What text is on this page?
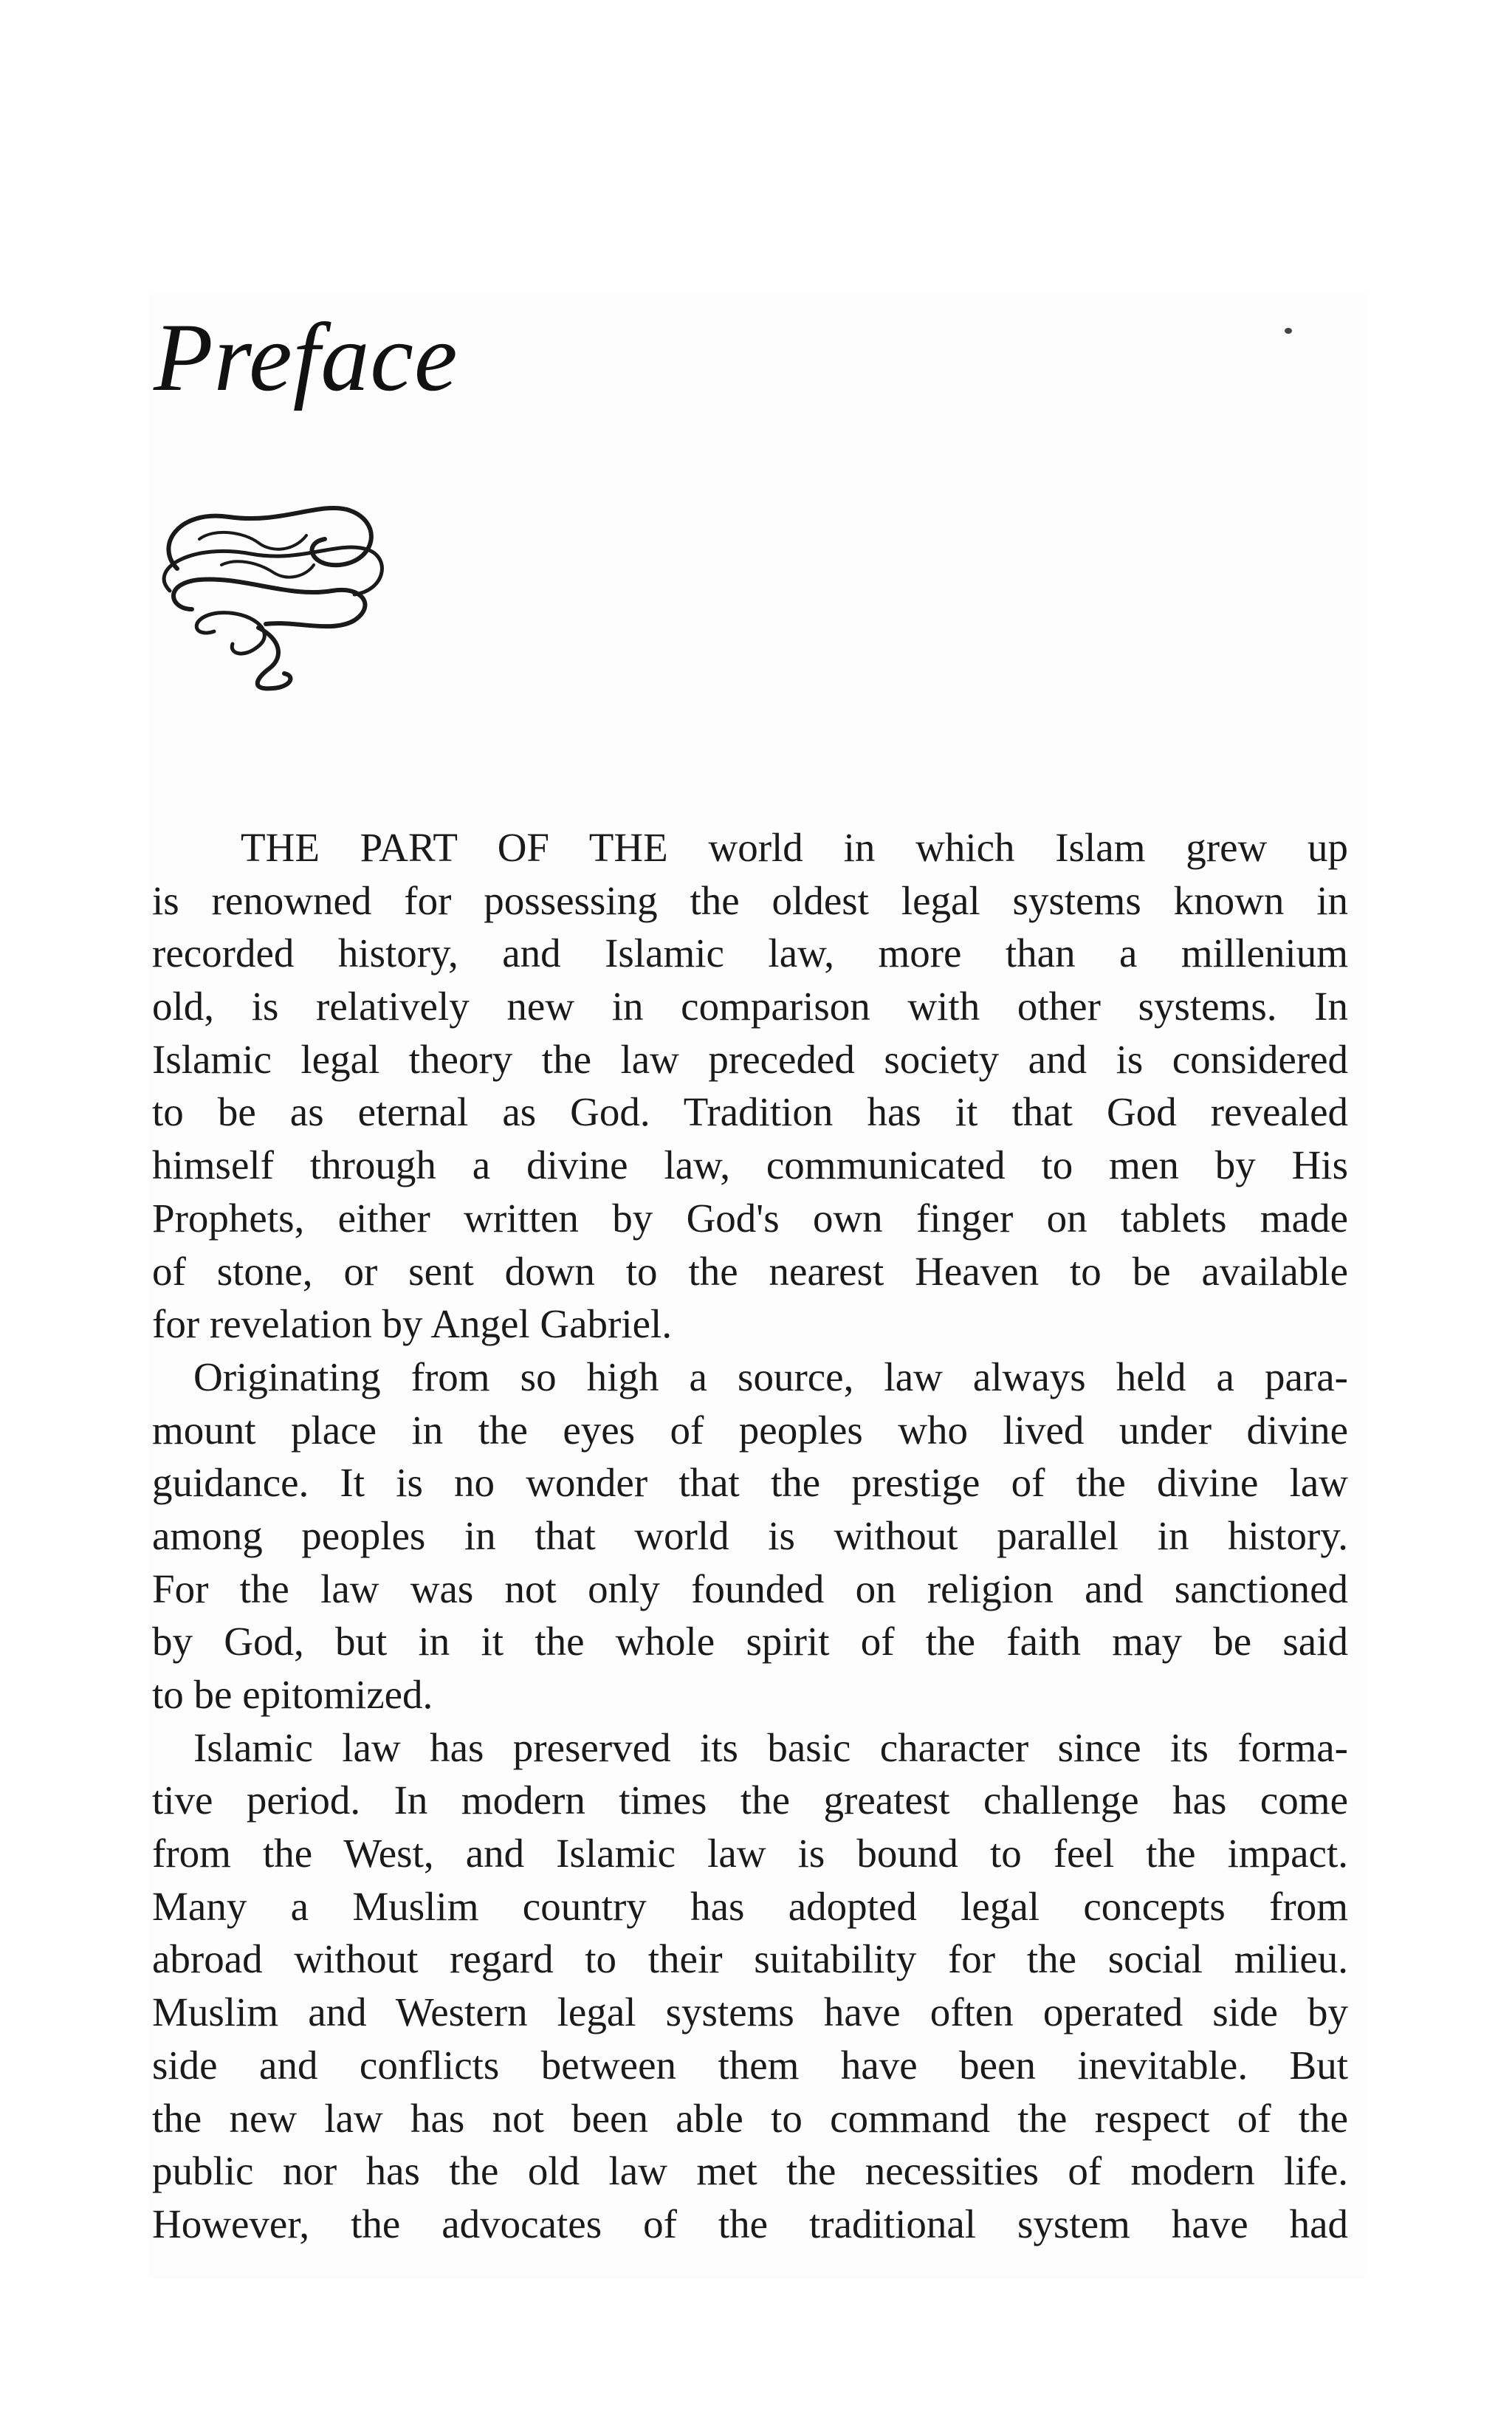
Preface
THE PART OF THE world in which Islam grew up
is renowned for possessing the oldest legal systems known in
recorded history, and Islamic law, more than a millenium
old, is relatively new in comparison with other systems. In
Islamic legal theory the law preceded society and is considered
to be as eternal as God. Tradition has it that God revealed
himself through a divine law, communicated to men by His
Prophets, either written by God's own finger on tablets made
of stone, or sent down to the nearest Heaven to be available
for revelation by Angel Gabriel.
Originating from so high a source, law always held a para-
mount place in the eyes of peoples who lived under divine
guidance. It is no wonder that the prestige of the divine law
among peoples in that world is without parallel in history.
For the law was not only founded on religion and sanctioned
by God, but in it the whole spirit of the faith may be said
to be epitomized.
Islamic law has preserved its basic character since its forma-
tive period. In modern times the greatest challenge has come
from the West, and Islamic law is bound to feel the impact.
Many a Muslim country has adopted legal concepts from
abroad without regard to their suitability for the social milieu.
Muslim and Western legal systems have often operated side by
side and conflicts between them have been inevitable. But
the new law has not been able to command the respect of the
public nor has the old law met the necessities of modern life.
However, the advocates of the traditional system have had
